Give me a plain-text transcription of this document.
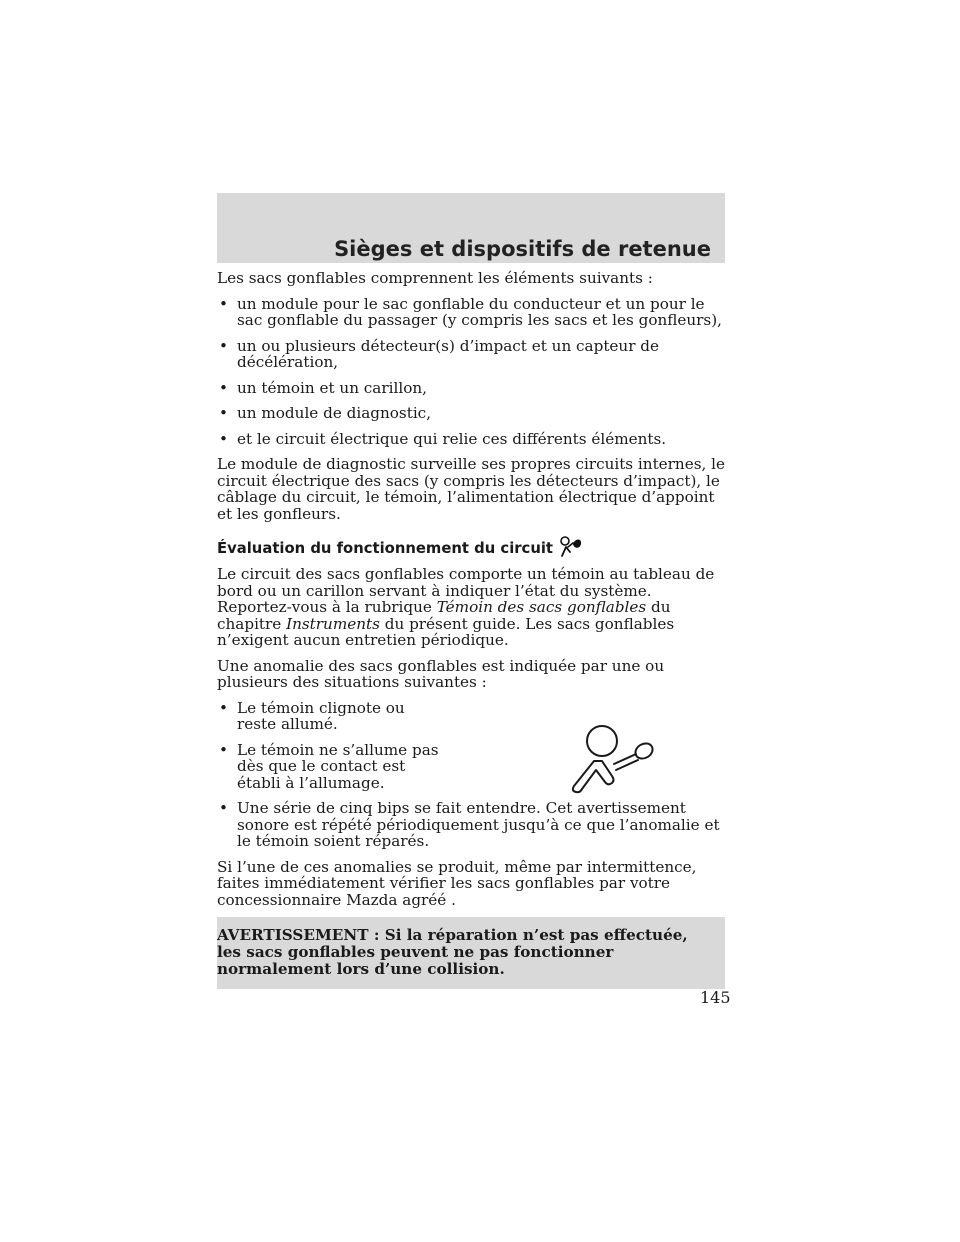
Sièges et dispositifs de retenue

Les sacs gonflables comprennent les éléments suivants :

• un module pour le sac gonflable du conducteur et un pour le sac gonflable du passager (y compris les sacs et les gonfleurs),
• un ou plusieurs détecteur(s) d’impact et un capteur de décélération,
• un témoin et un carillon,
• un module de diagnostic,
• et le circuit électrique qui relie ces différents éléments.

Le module de diagnostic surveille ses propres circuits internes, le circuit électrique des sacs (y compris les détecteurs d’impact), le câblage du circuit, le témoin, l’alimentation électrique d’appoint et les gonfleurs.

Évaluation du fonctionnement du circuit

Le circuit des sacs gonflables comporte un témoin au tableau de bord ou un carillon servant à indiquer l’état du système. Reportez-vous à la rubrique Témoin des sacs gonflables du chapitre Instruments du présent guide. Les sacs gonflables n’exigent aucun entretien périodique.

Une anomalie des sacs gonflables est indiquée par une ou plusieurs des situations suivantes :

• Le témoin clignote ou reste allumé.
• Le témoin ne s’allume pas dès que le contact est établi à l’allumage.
• Une série de cinq bips se fait entendre. Cet avertissement sonore est répété périodiquement jusqu’à ce que l’anomalie et le témoin soient réparés.

Si l’une de ces anomalies se produit, même par intermittence, faites immédiatement vérifier les sacs gonflables par votre concessionnaire Mazda agréé .

AVERTISSEMENT : Si la réparation n’est pas effectuée, les sacs gonflables peuvent ne pas fonctionner normalement lors d’une collision.
145
